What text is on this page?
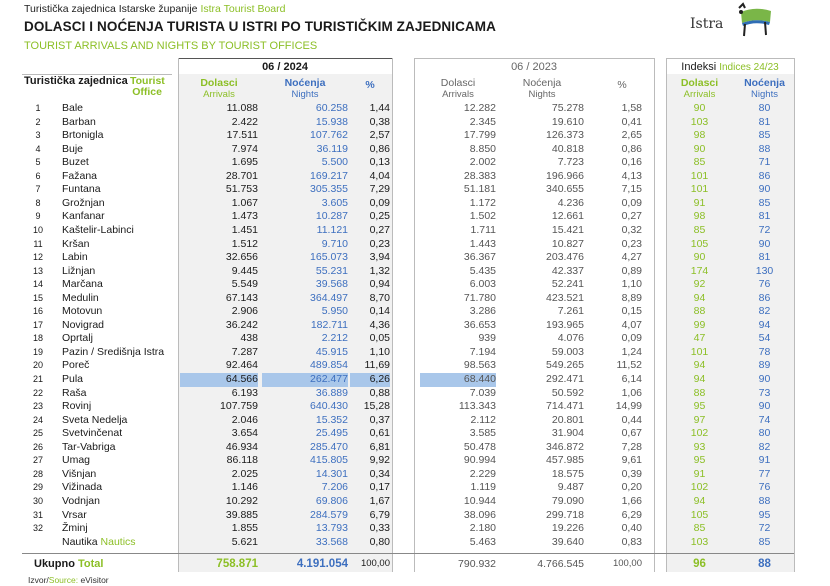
Turistička zajednica Istarske županije Istra Tourist Board
DOLASCI I NOĆENJA TURISTA U ISTRI PO TURISTIČKIM ZAJEDNICAMA
TOURIST ARRIVALS AND NIGHTS BY TOURIST OFFICES
Istra
06 / 2024	06 / 2023	Indeksi Indices 24/23
Turistička zajednica Tourist
Office
Dolasci
Arrivals
Noćenja
Nights
%	Dolasci
Arrivals
Noćenja
Nights
%	Dolasci
Arrivals
Noćenja
Nights
1	Bale	11.088	60.258	1,44	12.282	75.278	1,58	90	80
2	Barban	2.422	15.938	0,38	2.345	19.610	0,41	103	81
3	Brtonigla	17.511	107.762	2,57	17.799	126.373	2,65	98	85
4	Buje	7.974	36.119	0,86	8.850	40.818	0,86	90	88
5	Buzet	1.695	5.500	0,13	2.002	7.723	0,16	85	71
6	Fažana	28.701	169.217	4,04	28.383	196.966	4,13	101	86
7	Funtana	51.753	305.355	7,29	51.181	340.655	7,15	101	90
8	Grožnjan	1.067	3.605	0,09	1.172	4.236	0,09	91	85
9	Kanfanar	1.473	10.287	0,25	1.502	12.661	0,27	98	81
10 Kaštelir-Labinci	1.451	11.121	0,27	1.711	15.421	0,32	85	72
11 Kršan	1.512	9.710	0,23	1.443	10.827	0,23	105	90
12 Labin	32.656	165.073	3,94	36.367	203.476	4,27	90	81
13 Ližnjan	9.445	55.231	1,32	5.435	42.337	0,89	174	130
14 Marčana	5.549	39.568	0,94	6.003	52.241	1,10	92	76
15 Medulin	67.143	364.497	8,70	71.780	423.521	8,89	94	86
16 Motovun	2.906	5.950	0,14	3.286	7.261	0,15	88	82
17 Novigrad	36.242	182.711	4,36	36.653	193.965	4,07	99	94
18 Oprtalj	438	2.212	0,05	939	4.076	0,09	47	54
19 Pazin / Središnja Istra	7.287	45.915	1,10	7.194	59.003	1,24	101	78
20 Poreč	92.464	489.854	11,69	98.563	549.265	11,52	94	89
21 Pula	64.566	262.477	6,26	68.440	292.471	6,14	94	90
22 Raša	6.193	36.889	0,88	7.039	50.592	1,06	88	73
23 Rovinj	107.759	640.430	15,28	113.343	714.471	14,99	95	90
24 Sveta Nedelja	2.046	15.352	0,37	2.112	20.801	0,44	97	74
25 Svetvinčenat	3.654	25.495	0,61	3.585	31.904	0,67	102	80
26 Tar-Vabriga	46.934	285.470	6,81	50.478	346.872	7,28	93	82
27 Umag	86.118	415.805	9,92	90.994	457.985	9,61	95	91
28 Višnjan	2.025	14.301	0,34	2.229	18.575	0,39	91	77
29 Vižinada	1.146	7.206	0,17	1.119	9.487	0,20	102	76
30 Vodnjan	10.292	69.806	1,67	10.944	79.090	1,66	94	88
31 Vrsar	39.885	284.579	6,79	38.096	299.718	6,29	105	95
32 Žminj	1.855	13.793	0,33	2.180	19.226	0,40	85	72
Nautika Nautics	5.621	33.568	0,80	5.463	39.640	0,83	103	85
Ukupno Total	758.871	4.191.054	100,00	790.932	4.766.545	100,00	96	88
Izvor/Source: eVisitor
